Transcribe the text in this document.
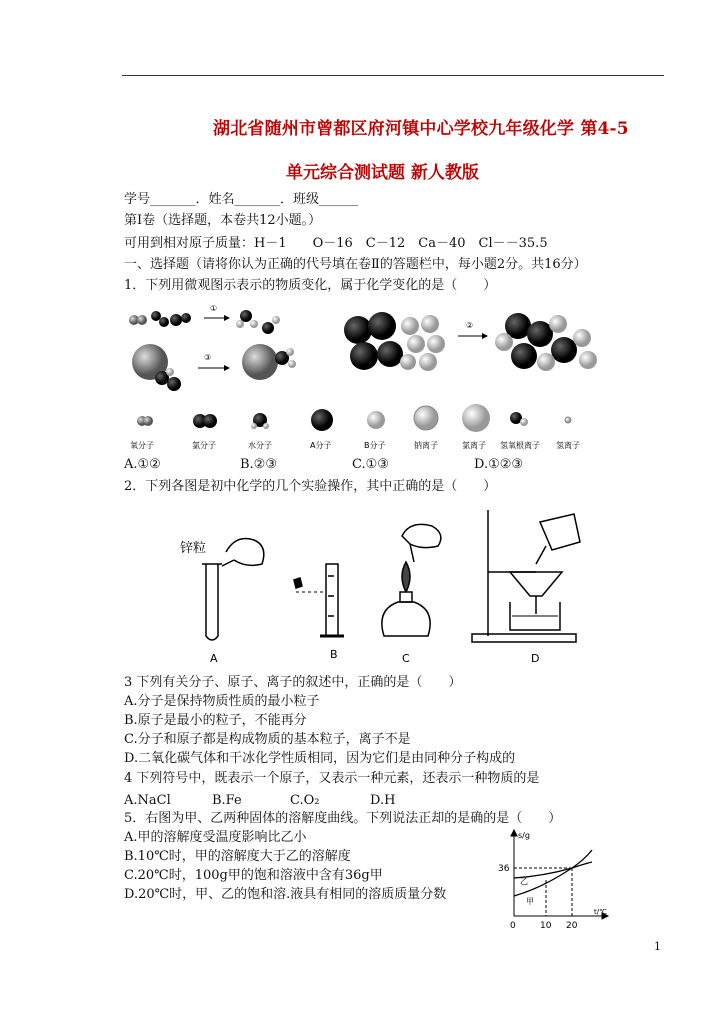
湖北省随州市曾都区府河镇中心学校九年级化学 第4-5
单元综合测试题 新人教版
学号_______．姓名_______．班级______
第Ⅰ卷（选择题，本卷共12小题。）
可用到相对原子质量：H－1　　O－16　C－12　Ca－40　Cl－－35.5
一、选择题（请将你认为正确的代号填在卷Ⅱ的答题栏中，每小题2分。共16分）
1．下列用微观图示表示的物质变化，属于化学变化的是（　　）
①
②
③
氧分子	氯分子	水分子	A分子	B分子	钠离子	氯离子 氢氧根离子 氢离子
A.①②	B.②③	C.①③	D.①②③
2．下列各图是初中化学的几个实验操作，其中正确的是（　　）
锌粒
A	B	C	D
3 下列有关分子、原子、离子的叙述中，正确的是（　　）
A.分子是保持物质性质的最小粒子
B.原子是最小的粒子，不能再分
C.分子和原子都是构成物质的基本粒子，离子不是
D.二氧化碳气体和干冰化学性质相同，因为它们是由同种分子构成的
4 下列符号中，既表示一个原子，又表示一种元素，还表示一种物质的是
A.NaCl	B.Fe	C.O₂	D.H
5．右图为甲、乙两种固体的溶解度曲线。下列说法正却的是确的是（　　）
A.甲的溶解度受温度影响比乙小
B.10℃时，甲的溶解度大于乙的溶解度
C.20℃时，100g甲的饱和溶液中含有36g甲
D.20℃时，甲、乙的饱和溶.液具有相同的溶质质量分数
s/g
t/℃
36
0	10 20
乙
甲
1
